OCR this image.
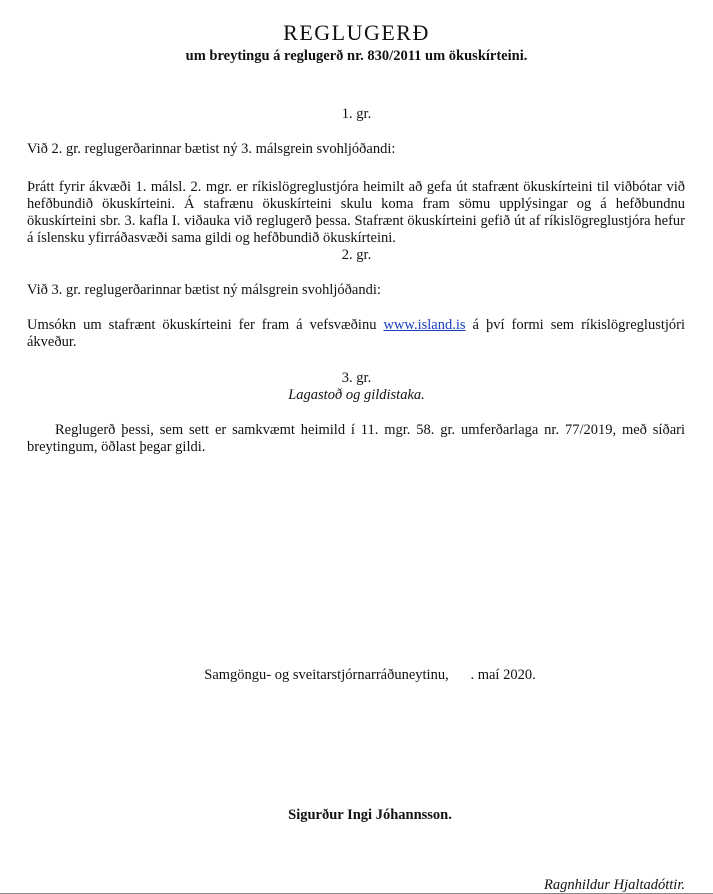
REGLUGERÐ
um breytingu á reglugerð nr. 830/2011 um ökuskírteini.
1. gr.
Við 2. gr. reglugerðarinnar bætist ný 3. málsgrein svohljóðandi:
Þrátt fyrir ákvæði 1. málsl. 2. mgr. er ríkislögreglustjóra heimilt að gefa út stafrænt ökuskírteini til viðbótar við hefðbundið ökuskírteini. Á stafrænu ökuskírteini skulu koma fram sömu upplýsingar og á hefðbundnu ökuskírteini sbr. 3. kafla I. viðauka við reglugerð þessa. Stafrænt ökuskírteini gefið út af ríkislögreglustjóra hefur á íslensku yfirráðasvæði sama gildi og hefðbundið ökuskírteini.
2. gr.
Við 3. gr. reglugerðarinnar bætist ný málsgrein svohljóðandi:
Umsókn um stafrænt ökuskírteini fer fram á vefsvæðinu www.island.is á því formi sem ríkislögreglustjóri ákveður.
3. gr.
Lagastoð og gildistaka.
Reglugerð þessi, sem sett er samkvæmt heimild í 11. mgr. 58. gr. umferðarlaga nr. 77/2019, með síðari breytingum, öðlast þegar gildi.
Samgöngu- og sveitarstjórnarráðuneytinu,      . maí 2020.
Sigurður Ingi Jóhannsson.
Ragnhildur Hjaltadóttir.
